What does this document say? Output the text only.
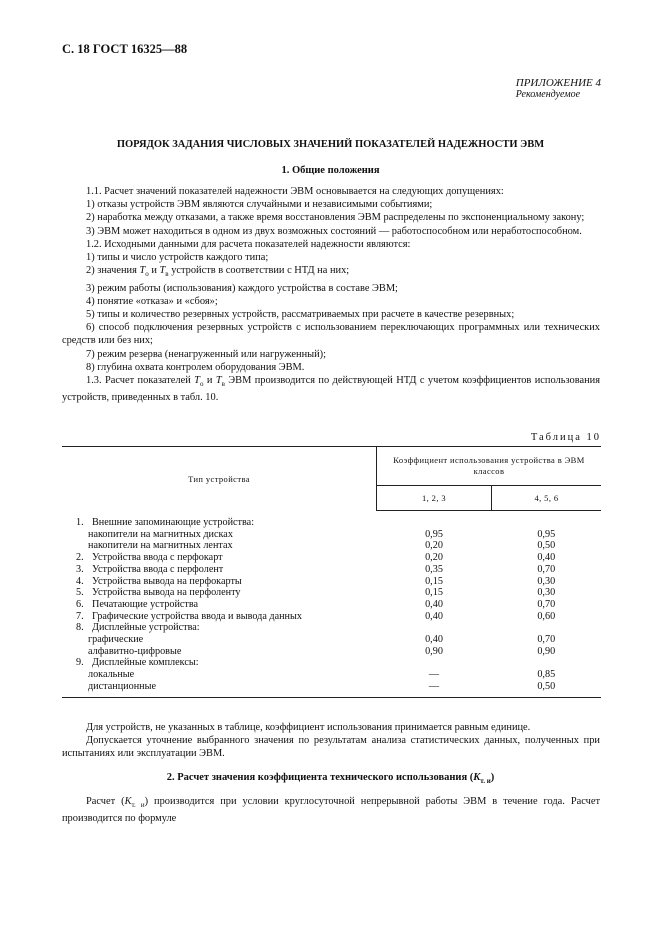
С. 18 ГОСТ 16325—88
ПРИЛОЖЕНИЕ 4
Рекомендуемое
ПОРЯДОК ЗАДАНИЯ ЧИСЛОВЫХ ЗНАЧЕНИЙ ПОКАЗАТЕЛЕЙ НАДЕЖНОСТИ ЭВМ
1. Общие положения

1.1. Расчет значений показателей надежности ЭВМ основывается на следующих допущениях:

1) отказы устройств ЭВМ являются случайными и независимыми событиями;

2) наработка между отказами, а также время восстановления ЭВМ распределены по экспоненциальному закону;

3) ЭВМ может находиться в одном из двух возможных состояний — работоспособном или неработоспособном.

1.2. Исходными данными для расчета показателей надежности являются:

1) типы и число устройств каждого типа;

2) значения $T_о$ и $T_в$ устройств в соответствии с НТД на них;

3) режим работы (использования) каждого устройства в составе ЭВМ;

4) понятие «отказа» и «сбоя»;

5) типы и количество резервных устройств, рассматриваемых при расчете в качестве резервных;

6) способ подключения резервных устройств с использованием переключающих программных или технических средств или без них;

7) режим резерва (ненагруженный или нагруженный);

8) глубина охвата контролем оборудования ЭВМ.

1.3. Расчет показателей $T_о$ и $T_в$ ЭВМ производится по действующей НТД с учетом коэффициентов использования устройств, приведенных в табл. 10.

Таблица 10
Тип устройства	Коэффициент использования устройства в ЭВМ классов	
	1, 2, 3	4, 5, 6

1. Внешние запоминающие устройства:		
накопители на магнитных дисках	0,95	0,95
накопители на магнитных лентах	0,20	0,50
2. Устройства ввода с перфокарт	0,20	0,40
3. Устройства ввода с перфолент	0,35	0,70
4. Устройства вывода на перфокарты	0,15	0,30
5. Устройства вывода на перфоленту	0,15	0,30
6. Печатающие устройства	0,40	0,70
7. Графические устройства ввода и вывода данных	0,40	0,60
8. Дисплейные устройства:		
графические	0,40	0,70
алфавитно-цифровые	0,90	0,90
9. Дисплейные комплексы:		
локальные	—	0,85
дистанционные	—	0,50

Для устройств, не указанных в таблице, коэффициент использования принимается равным единице.

Допускается уточнение выбранного значения по результатам анализа статистических данных, полученных при испытаниях или эксплуатации ЭВМ.

2. Расчет значения коэффициента технического использования $(K_{т. и})$

Расчет $(K_{т. и})$ производится при условии круглосуточной непрерывной работы ЭВМ в течение года. Расчет производится по формуле
